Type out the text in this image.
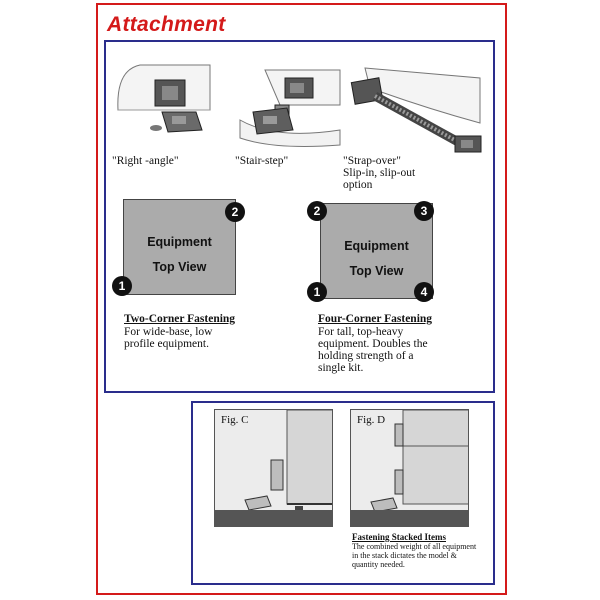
Attachment
"Right -angle"	"Stair-step"	"Strap-over"
Slip-in, slip-out
option
Equipment
Top View
1
2
Two-Corner Fastening
For wide-base, low
profile equipment.
Equipment
Top View
1
2	3
4
Four-Corner Fastening
For tall, top-heavy
equipment. Doubles the
holding strength of a
single kit.
Fig. C	Fig. D
Fastening Stacked Items
The combined weight of all equipment in the stack dictates the model & quantity needed.
